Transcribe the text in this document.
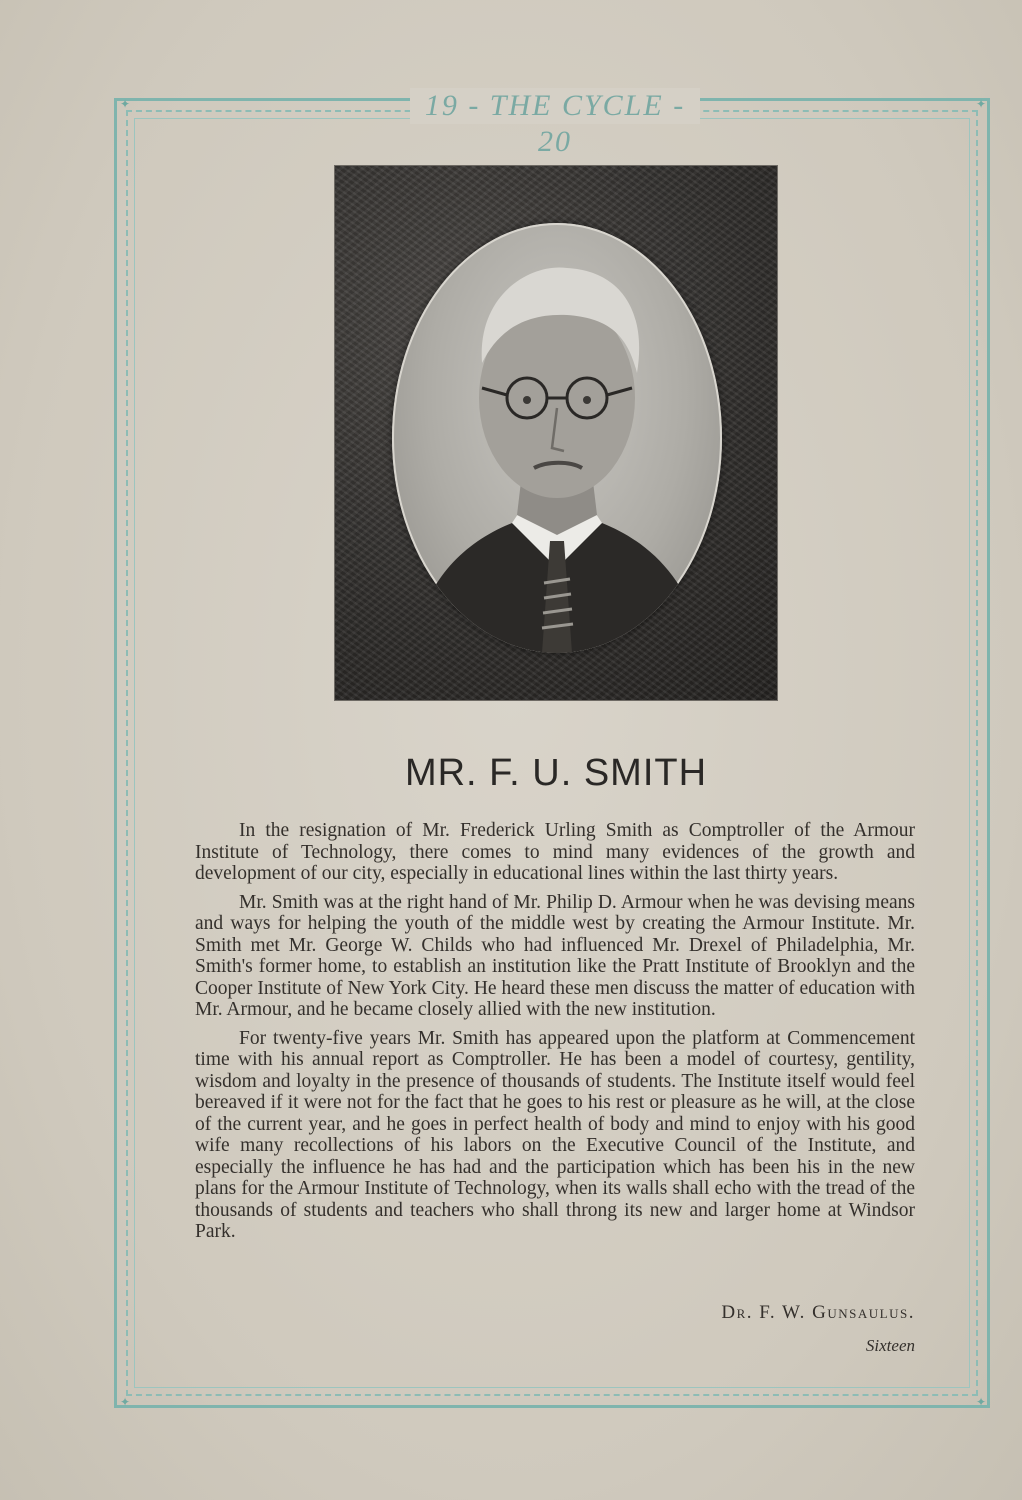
✦	✦
✦	✦
19 - THE CYCLE - 20
MR. F. U. SMITH

In the resignation of Mr. Frederick Urling Smith as Comptroller of the Armour Institute of Technology, there comes to mind many evidences of the growth and development of our city, especially in educational lines within the last thirty years.

Mr. Smith was at the right hand of Mr. Philip D. Armour when he was devising means and ways for helping the youth of the middle west by creating the Armour Institute. Mr. Smith met Mr. George W. Childs who had influenced Mr. Drexel of Philadelphia, Mr. Smith's former home, to establish an institution like the Pratt Institute of Brooklyn and the Cooper Institute of New York City. He heard these men discuss the matter of education with Mr. Armour, and he became closely allied with the new institution.

For twenty-five years Mr. Smith has appeared upon the platform at Commencement time with his annual report as Comptroller. He has been a model of courtesy, gentility, wisdom and loyalty in the presence of thousands of students. The Institute itself would feel bereaved if it were not for the fact that he goes to his rest or pleasure as he will, at the close of the current year, and he goes in perfect health of body and mind to enjoy with his good wife many recollections of his labors on the Executive Council of the Institute, and especially the influence he has had and the participation which has been his in the new plans for the Armour Institute of Technology, when its walls shall echo with the tread of the thousands of students and teachers who shall throng its new and larger home at Windsor Park.

Dr. F. W. Gunsaulus.
Sixteen
